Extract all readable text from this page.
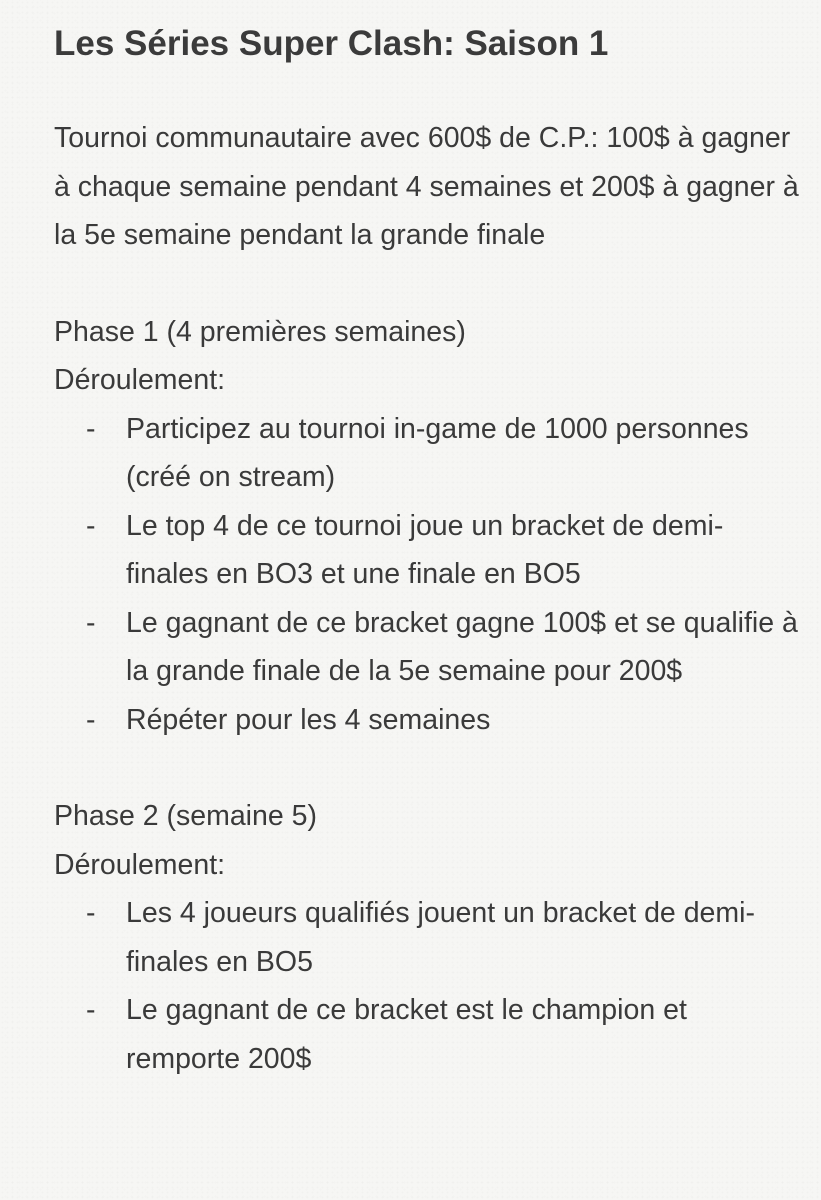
Les Séries Super Clash: Saison 1

Tournoi communautaire avec 600$ de C.P.: 100$ à gagner à chaque semaine pendant 4 semaines et 200$ à gagner à la 5e semaine pendant la grande finale

Phase 1 (4 premières semaines)
Déroulement:
- Participez au tournoi in-game de 1000 personnes (créé on stream)
- Le top 4 de ce tournoi joue un bracket de demi-finales en BO3 et une finale en BO5
- Le gagnant de ce bracket gagne 100$ et se qualifie à la grande finale de la 5e semaine pour 200$
- Répéter pour les 4 semaines
Phase 2 (semaine 5)
Déroulement:
- Les 4 joueurs qualifiés jouent un bracket de demi-finales en BO5
- Le gagnant de ce bracket est le champion et remporte 200$
